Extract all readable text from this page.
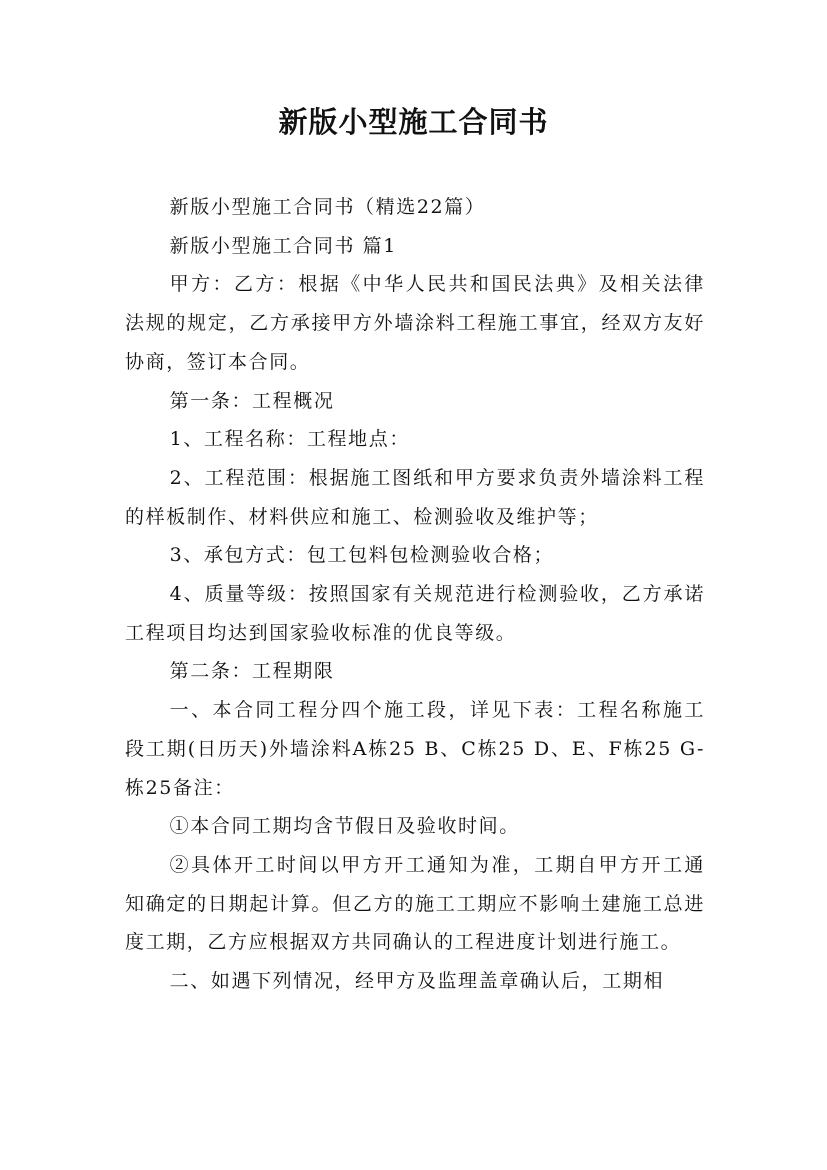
新版小型施工合同书

新版小型施工合同书（精选22篇）

新版小型施工合同书 篇1

甲方：乙方：根据《中华人民共和国民法典》及相关法律法规的规定，乙方承接甲方外墙涂料工程施工事宜，经双方友好协商，签订本合同。

第一条：工程概况

1、工程名称：工程地点：

2、工程范围：根据施工图纸和甲方要求负责外墙涂料工程的样板制作、材料供应和施工、检测验收及维护等；

3、承包方式：包工包料包检测验收合格；

4、质量等级：按照国家有关规范进行检测验收，乙方承诺工程项目均达到国家验收标准的优良等级。

第二条：工程期限

一、本合同工程分四个施工段，详见下表：工程名称施工段工期(日历天)外墙涂料A栋25 B、C栋25 D、E、F栋25 G-栋25备注：

①本合同工期均含节假日及验收时间。

②具体开工时间以甲方开工通知为准，工期自甲方开工通知确定的日期起计算。但乙方的施工工期应不影响土建施工总进度工期，乙方应根据双方共同确认的工程进度计划进行施工。

二、如遇下列情况，经甲方及监理盖章确认后，工期相
